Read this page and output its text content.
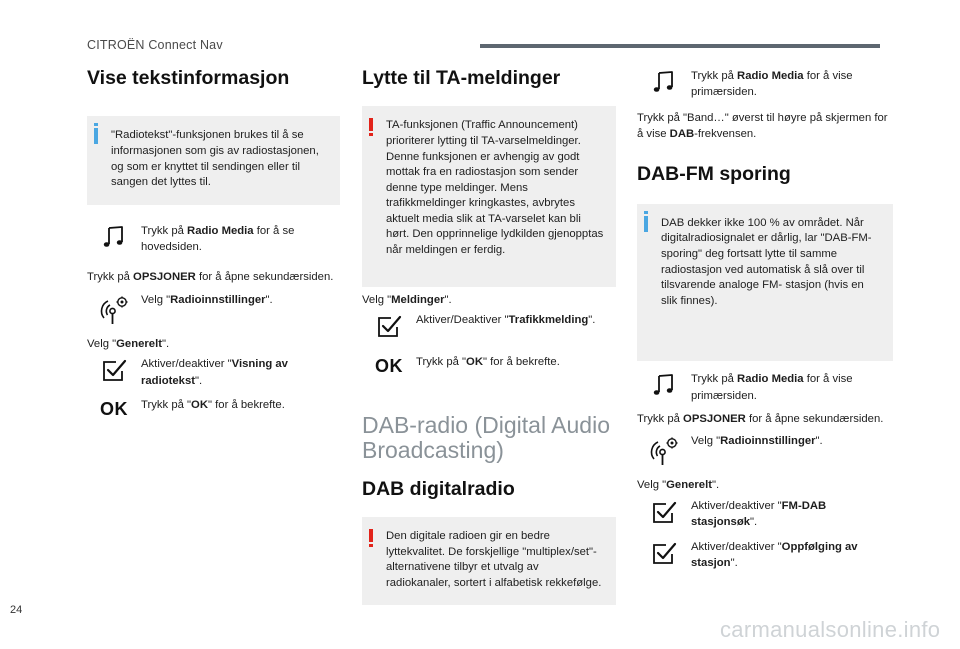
CITROËN Connect Nav
Vise tekstinformasjon
"Radiotekst"-funksjonen brukes til å se informasjonen som gis av radiostasjonen, og som er knyttet til sendingen eller til sangen det lyttes til.
Trykk på Radio Media for å se hovedsiden.
Trykk på OPSJONER for å åpne sekundærsiden.
Velg "Radioinnstillinger".
Velg "Generelt".
Aktiver/deaktiver "Visning av radiotekst".
OK Trykk på "OK" for å bekrefte.
Lytte til TA-meldinger
TA-funksjonen (Traffic Announcement) prioriterer lytting til TA-varselmeldinger. Denne funksjonen er avhengig av godt mottak fra en radiostasjon som sender denne type meldinger. Mens trafikkmeldinger kringkastes, avbrytes aktuelt media slik at TA-varselet kan bli hørt. Den opprinnelige lydkilden gjenopptas når meldingen er ferdig.
Velg "Meldinger".
Aktiver/Deaktiver "Trafikkmelding".
OK Trykk på "OK" for å bekrefte.
DAB-radio (Digital Audio Broadcasting)
DAB digitalradio
Den digitale radioen gir en bedre lyttekvalitet. De forskjellige "multiplex/set"-alternativene tilbyr et utvalg av radiokanaler, sortert i alfabetisk rekkefølge.
Trykk på Radio Media for å vise primærsiden.
Trykk på "Band…" øverst til høyre på skjermen for å vise DAB-frekvensen.
DAB-FM sporing
DAB dekker ikke 100 % av området. Når digitalradiosignalet er dårlig, lar "DAB-FM-sporing" deg fortsatt lytte til samme radiostasjon ved automatisk å slå over til tilsvarende analoge FM- stasjon (hvis en slik finnes).
Trykk på Radio Media for å vise primærsiden.
Trykk på OPSJONER for å åpne sekundærsiden.
Velg "Radioinnstillinger".
Velg "Generelt".
Aktiver/deaktiver "FM-DAB stasjonsøk".
Aktiver/deaktiver "Oppfølging av stasjon".
24
carmanualsonline.info
